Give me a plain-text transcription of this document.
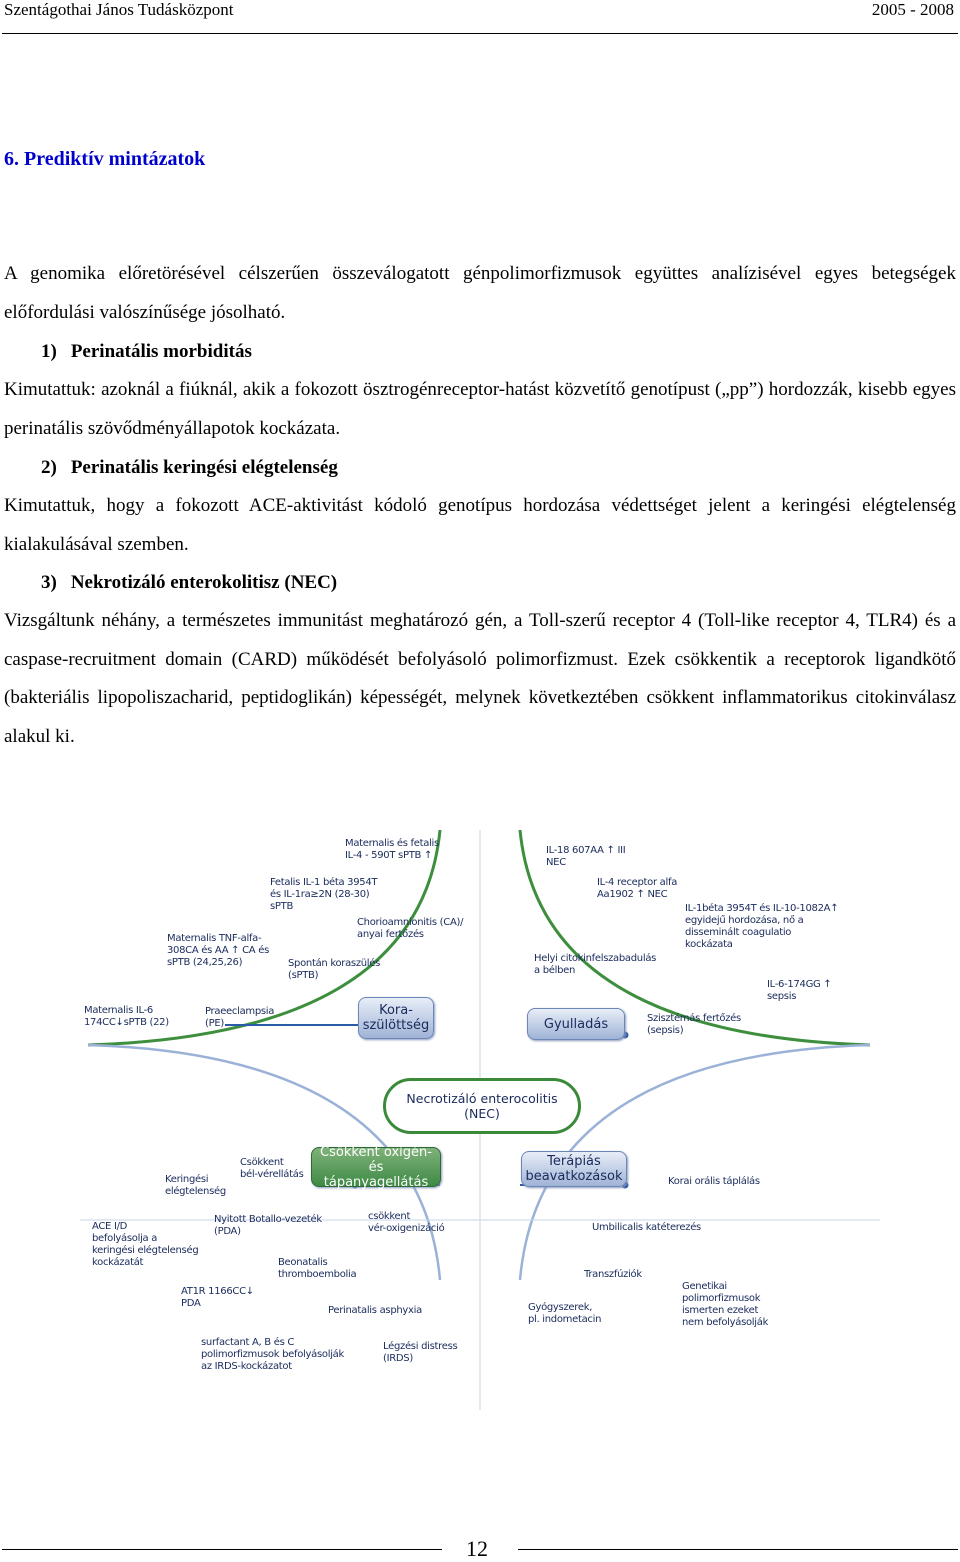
Szentágothai János Tudásközpont	2005 - 2008
6. Prediktív mintázatok
A genomika előretörésével célszerűen összeválogatott génpolimorfizmusok együttes analízisével egyes betegségek előfordulási valószínűsége jósolható.
1) Perinatális morbiditás
Kimutattuk: azoknál a fiúknál, akik a fokozott ösztrogénreceptor-hatást közvetítő genotípust („pp”) hordozzák, kisebb egyes perinatális szövődményállapotok kockázata.
2) Perinatális keringési elégtelenség
Kimutattuk, hogy a fokozott ACE-aktivitást kódoló genotípus hordozása védettséget jelent a keringési elégtelenség kialakulásával szemben.
3) Nekrotizáló enterokolitisz (NEC)
Vizsgáltunk néhány, a természetes immunitást meghatározó gén, a Toll-szerű receptor 4 (Toll-like receptor 4, TLR4) és a caspase-recruitment domain (CARD) működését befolyásoló polimorfizmust. Ezek csökkentik a receptorok ligandkötő (bakteriális lipopoliszacharid, peptidoglikán) képességét, melynek következtében csökkent inflammatorikus citokinválasz alakul ki.
Maternalis és fetalis
IL-4 - 590T sPTB ↑
Fetalis IL-1 béta 3954T
és IL-1ra≥2N (28-30)
sPTB
Maternalis TNF-alfa-
308CA és AA ↑ CA és
sPTB (24,25,26)
Chorioamnionitis (CA)/
anyai fertőzés
Spontán koraszülés
(sPTB)
Maternalis IL-6
174CC↓sPTB (22)
Praeeclampsia
(PE)
Kora-
szülöttség
IL-18 607AA ↑ III
NEC
IL-4 receptor alfa
Aa1902 ↑ NEC
IL-1béta 3954T és IL-10-1082A↑
egyidejű hordozása, nő a
disseminált coagulatio
kockázata
Helyi citokinfelszabadulás
a bélben
IL-6-174GG ↑
sepsis
Szisztémás fertőzés
(sepsis)
Gyulladás
Necrotizáló enterocolitis
(NEC)
Csökkent oxigén- és
tápanyagellátás
Terápiás
beavatkozások
Keringési
elégtelenség
Csökkent
bél-vérellátás
ACE I/D
befolyásolja a
keringési elégtelenség
kockázatát
Nyitott Botallo-vezeték
(PDA)
csökkent
vér-oxigenizáció
Beonatalis
thromboembolia
AT1R 1166CC↓
PDA
Perinatalis asphyxia
surfactant A, B és C
polimorfizmusok befolyásolják
az IRDS-kockázatot
Légzési distress
(IRDS)
Korai orális táplálás
Umbilicalis katéterezés
Transzfúziók
Genetikai
polimorfizmusok
ismerten ezeket
nem befolyásolják
Gyógyszerek,
pl. indometacin
12
